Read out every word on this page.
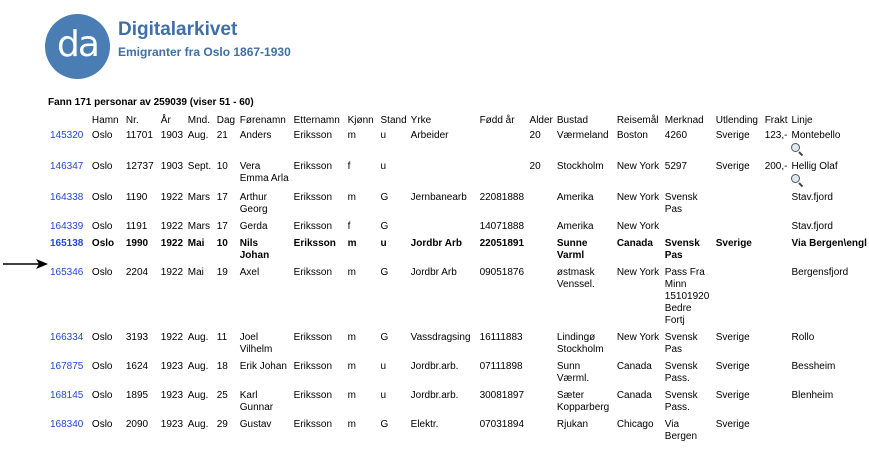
da Digitalarkivet
Emigranter fra Oslo 1867-1930
Fann 171 personar av 259039 (viser 51 - 60)
	Hamn	Nr.	År	Mnd.	Dag	Førenamn	Etternamn	Kjønn	Stand	Yrke	Fødd år	Alder	Bustad	Reisemål	Merknad	Utlending	Frakt	Linje
145320	Oslo	11701	1903	Aug.	21	Anders	Eriksson	m	u	Arbeider		20	Værmeland	Boston	4260	Sverige	123,-	Montebello

146347	Oslo	12737	1903	Sept.	10	Vera Emma Arla	Eriksson	f	u			20	Stockholm	New York	5297	Sverige	200,-	Hellig Olaf

164338	Oslo	1190	1922	Mars	17	Arthur Georg	Eriksson	m	G	Jernbanearb	22081888		Amerika	New York	Svensk Pas			Stav.fjord
164339	Oslo	1191	1922	Mars	17	Gerda	Eriksson	f	G		14071888		Amerika	New York				Stav.fjord
165138	Oslo	1990	1922	Mai	10	Nils Johan	Eriksson	m	u	Jordbr Arb	22051891		Sunne Varml	Canada	Svensk Pas	Sverige		Via Bergen\engl
165346	Oslo	2204	1922	Mai	19	Axel	Eriksson	m	G	Jordbr Arb	09051876		østmask Venssel.	New York	Pass Fra Minn 15101920 Bedre Fortj			Bergensfjord
166334	Oslo	3193	1922	Aug.	11	Joel Vilhelm	Eriksson	m	G	Vassdragsing	16111883		Lindingø Stockholm	New York	Svensk Pas	Sverige		Rollo
167875	Oslo	1624	1923	Aug.	18	Erik Johan	Eriksson	m	u	Jordbr.arb.	07111898		Sunn Værml.	Canada	Svensk Pass.	Sverige		Bessheim
168145	Oslo	1895	1923	Aug.	25	Karl Gunnar	Eriksson	m	u	Jordbr.arb.	30081897		Sæter Kopparberg	Canada	Svensk Pass.	Sverige		Blenheim
168340	Oslo	2090	1923	Aug.	29	Gustav	Eriksson	m	G	Elektr.	07031894		Rjukan	Chicago	Via Bergen	Sverige		
